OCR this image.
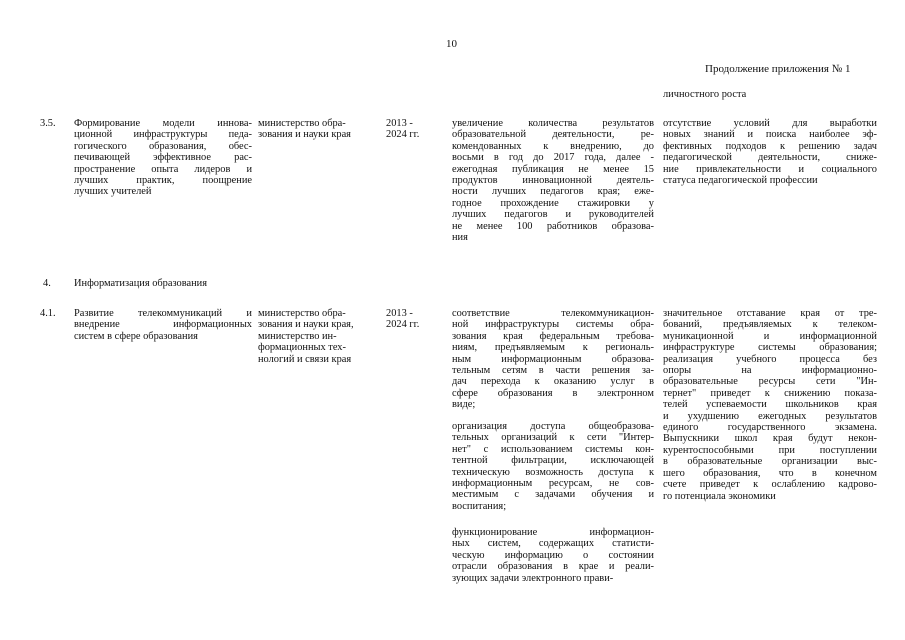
10
Продолжение приложения № 1
личностного роста
3.5. Формирование модели иннова-
ционной инфраструктуры педа-
гогического образования, обес-
печивающей эффективное рас-
пространение опыта лидеров и
лучших практик, поощрение
лучших учителей
министерство обра-
зования и науки края
2013 -
2024 гг.
увеличение количества результатов
образовательной деятельности, ре-
комендованных к внедрению, до
восьми в год до 2017 года, далее -
ежегодная публикация не менее 15
продуктов инновационной деятель-
ности лучших педагогов края; еже-
годное прохождение стажировки у
лучших педагогов и руководителей
не менее 100 работников образова-
ния
отсутствие условий для выработки
новых знаний и поиска наиболее эф-
фективных подходов к решению задач
педагогической деятельности, сниже-
ние привлекательности и социального
статуса педагогической профессии
4. Информатизация образования
4.1. Развитие телекоммуникаций и
внедрение информационных
систем в сфере образования
министерство обра-
зования и науки края,
министерство ин-
формационных тех-
нологий и связи края
2013 -
2024 гг.
соответствие телекоммуникацион-
ной инфраструктуры системы обра-
зования края федеральным требова-
ниям, предъявляемым к региональ-
ным информационным образова-
тельным сетям в части решения за-
дач перехода к оказанию услуг в
сфере образования в электронном
виде;
организация доступа общеобразова-
тельных организаций к сети "Интер-
нет" с использованием системы кон-
тентной фильтрации, исключающей
техническую возможность доступа к
информационным ресурсам, не сов-
местимым с задачами обучения и
воспитания;
функционирование информацион-
ных систем, содержащих статисти-
ческую информацию о состоянии
отрасли образования в крае и реали-
зующих задачи электронного прави-
значительное отставание края от тре-
бований, предъявляемых к телеком-
муникационной и информационной
инфраструктуре системы образования;
реализация учебного процесса без
опоры на информационно-
образовательные ресурсы сети "Ин-
тернет" приведет к снижению показа-
телей успеваемости школьников края
и ухудшению ежегодных результатов
единого государственного экзамена.
Выпускники школ края будут некон-
курентоспособными при поступлении
в образовательные организации выс-
шего образования, что в конечном
счете приведет к ослаблению кадрово-
го потенциала экономики
